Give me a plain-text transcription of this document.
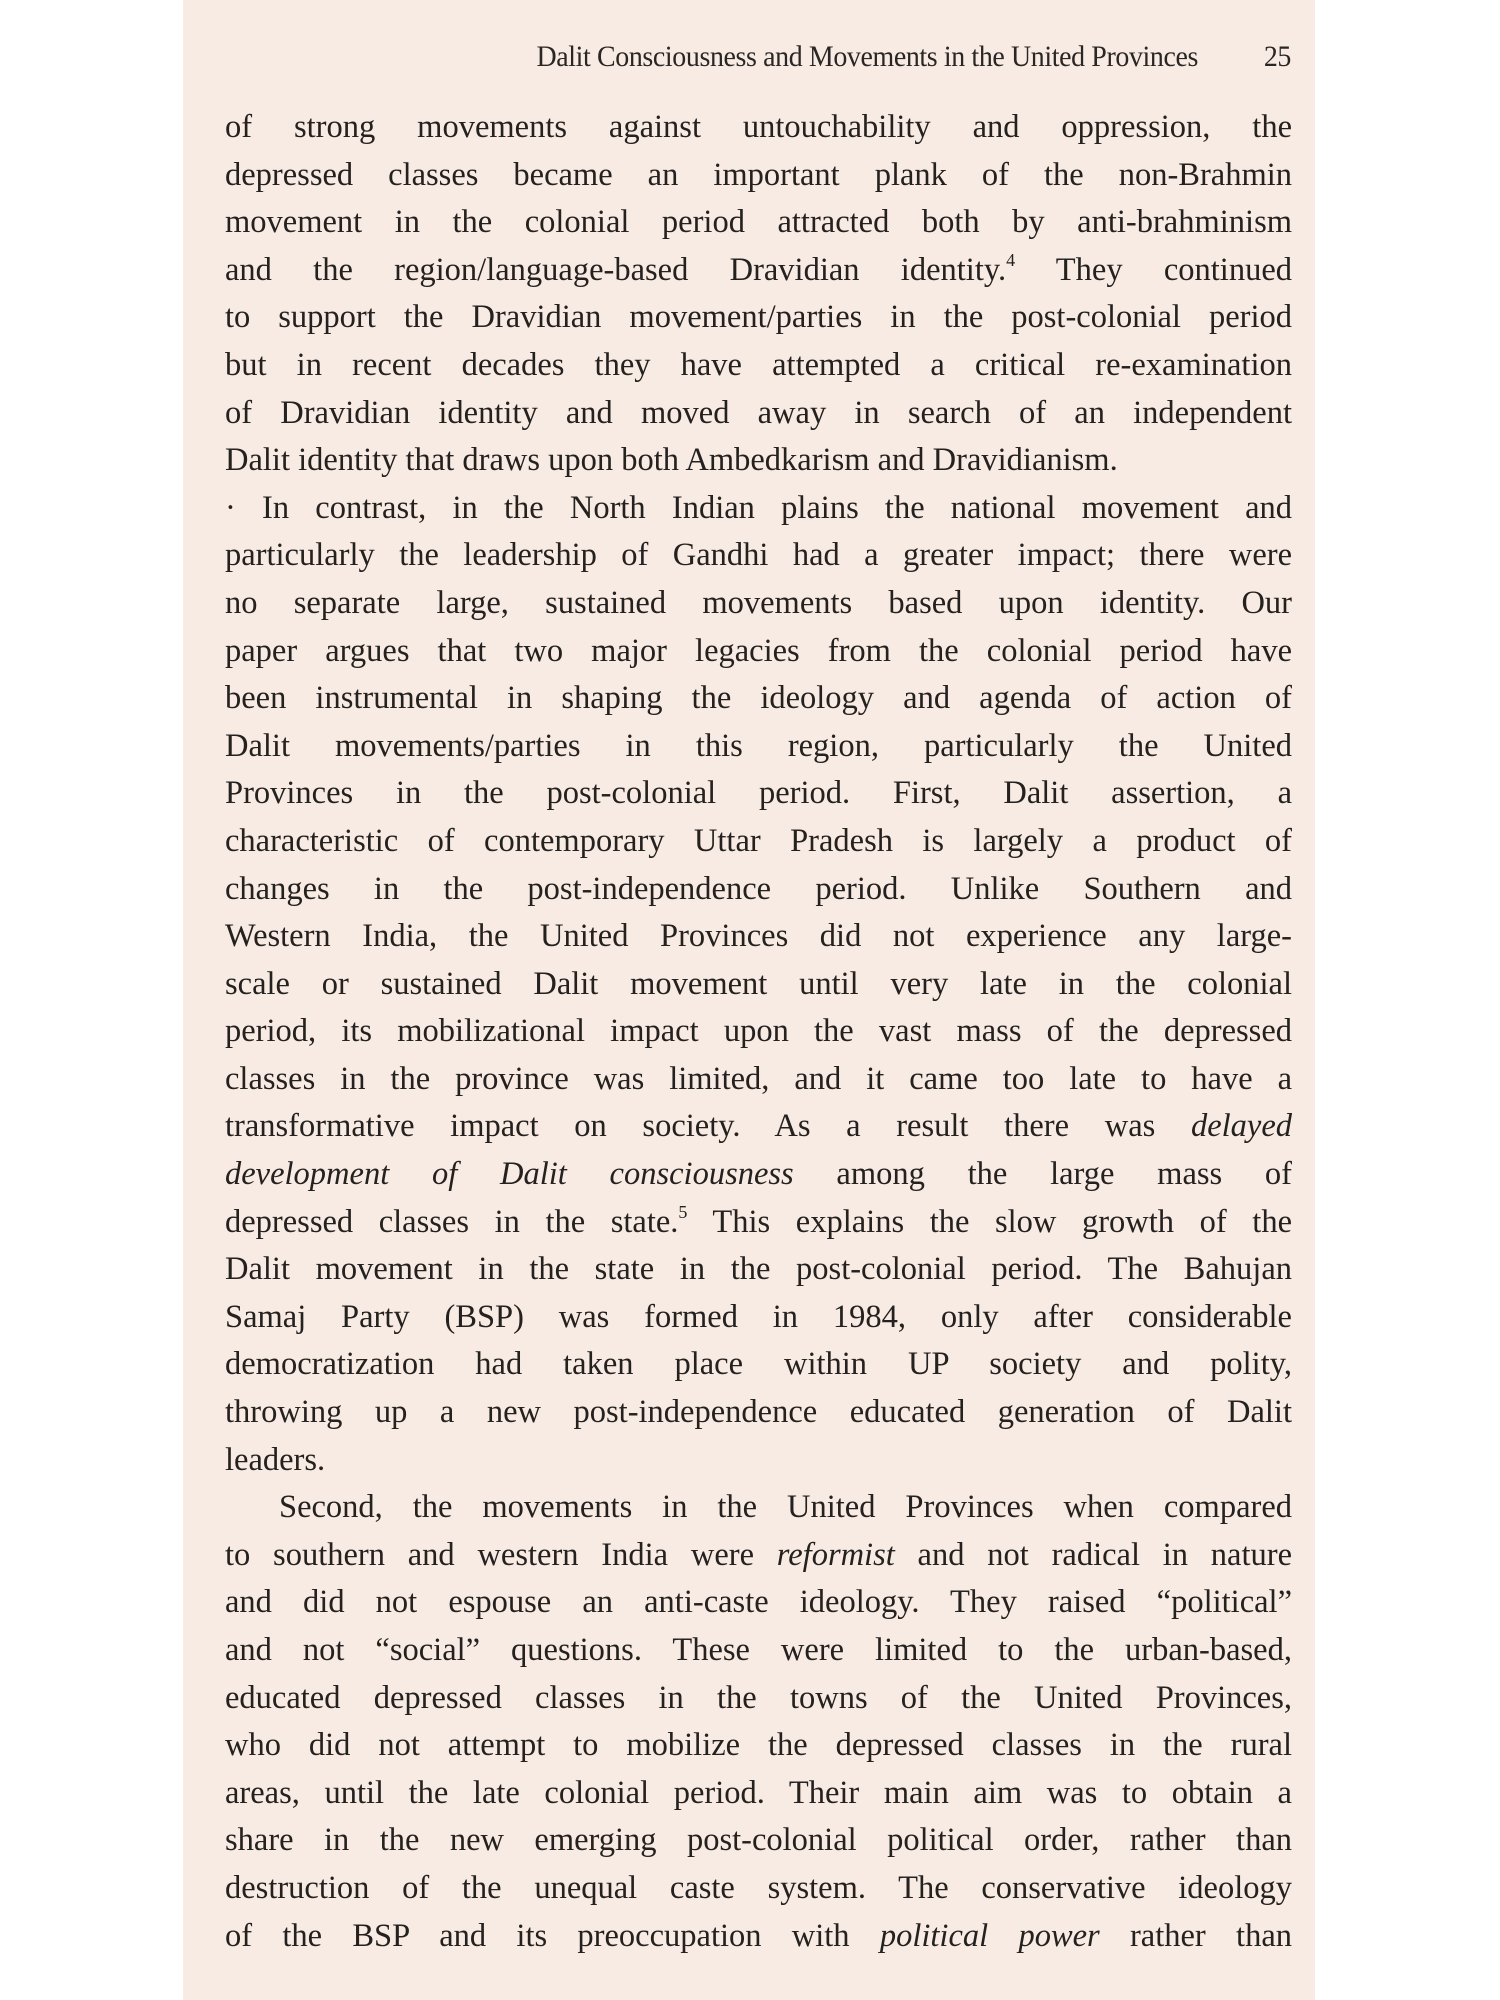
Dalit Consciousness and Movements in the United Provinces 25
of strong movements against untouchability and oppression, the
depressed classes became an important plank of the non-Brahmin
movement in the colonial period attracted both by anti-brahminism
and the region/language-based Dravidian identity.$^4$ They continued
to support the Dravidian movement/parties in the post-colonial period
but in recent decades they have attempted a critical re-examination
of Dravidian identity and moved away in search of an independent
Dalit identity that draws upon both Ambedkarism and Dravidianism.
· In contrast, in the North Indian plains the national movement and
particularly the leadership of Gandhi had a greater impact; there were
no separate large, sustained movements based upon identity. Our
paper argues that two major legacies from the colonial period have
been instrumental in shaping the ideology and agenda of action of
Dalit movements/parties in this region, particularly the United
Provinces in the post-colonial period. First, Dalit assertion, a
characteristic of contemporary Uttar Pradesh is largely a product of
changes in the post-independence period. Unlike Southern and
Western India, the United Provinces did not experience any large-
scale or sustained Dalit movement until very late in the colonial
period, its mobilizational impact upon the vast mass of the depressed
classes in the province was limited, and it came too late to have a
transformative impact on society. As a result there was delayed
development of Dalit consciousness among the large mass of
depressed classes in the state.$^5$ This explains the slow growth of the
Dalit movement in the state in the post-colonial period. The Bahujan
Samaj Party (BSP) was formed in 1984, only after considerable
democratization had taken place within UP society and polity,
throwing up a new post-independence educated generation of Dalit
leaders.
Second, the movements in the United Provinces when compared
to southern and western India were reformist and not radical in nature
and did not espouse an anti-caste ideology. They raised “political”
and not “social” questions. These were limited to the urban-based,
educated depressed classes in the towns of the United Provinces,
who did not attempt to mobilize the depressed classes in the rural
areas, until the late colonial period. Their main aim was to obtain a
share in the new emerging post-colonial political order, rather than
destruction of the unequal caste system. The conservative ideology
of the BSP and its preoccupation with political power rather than
